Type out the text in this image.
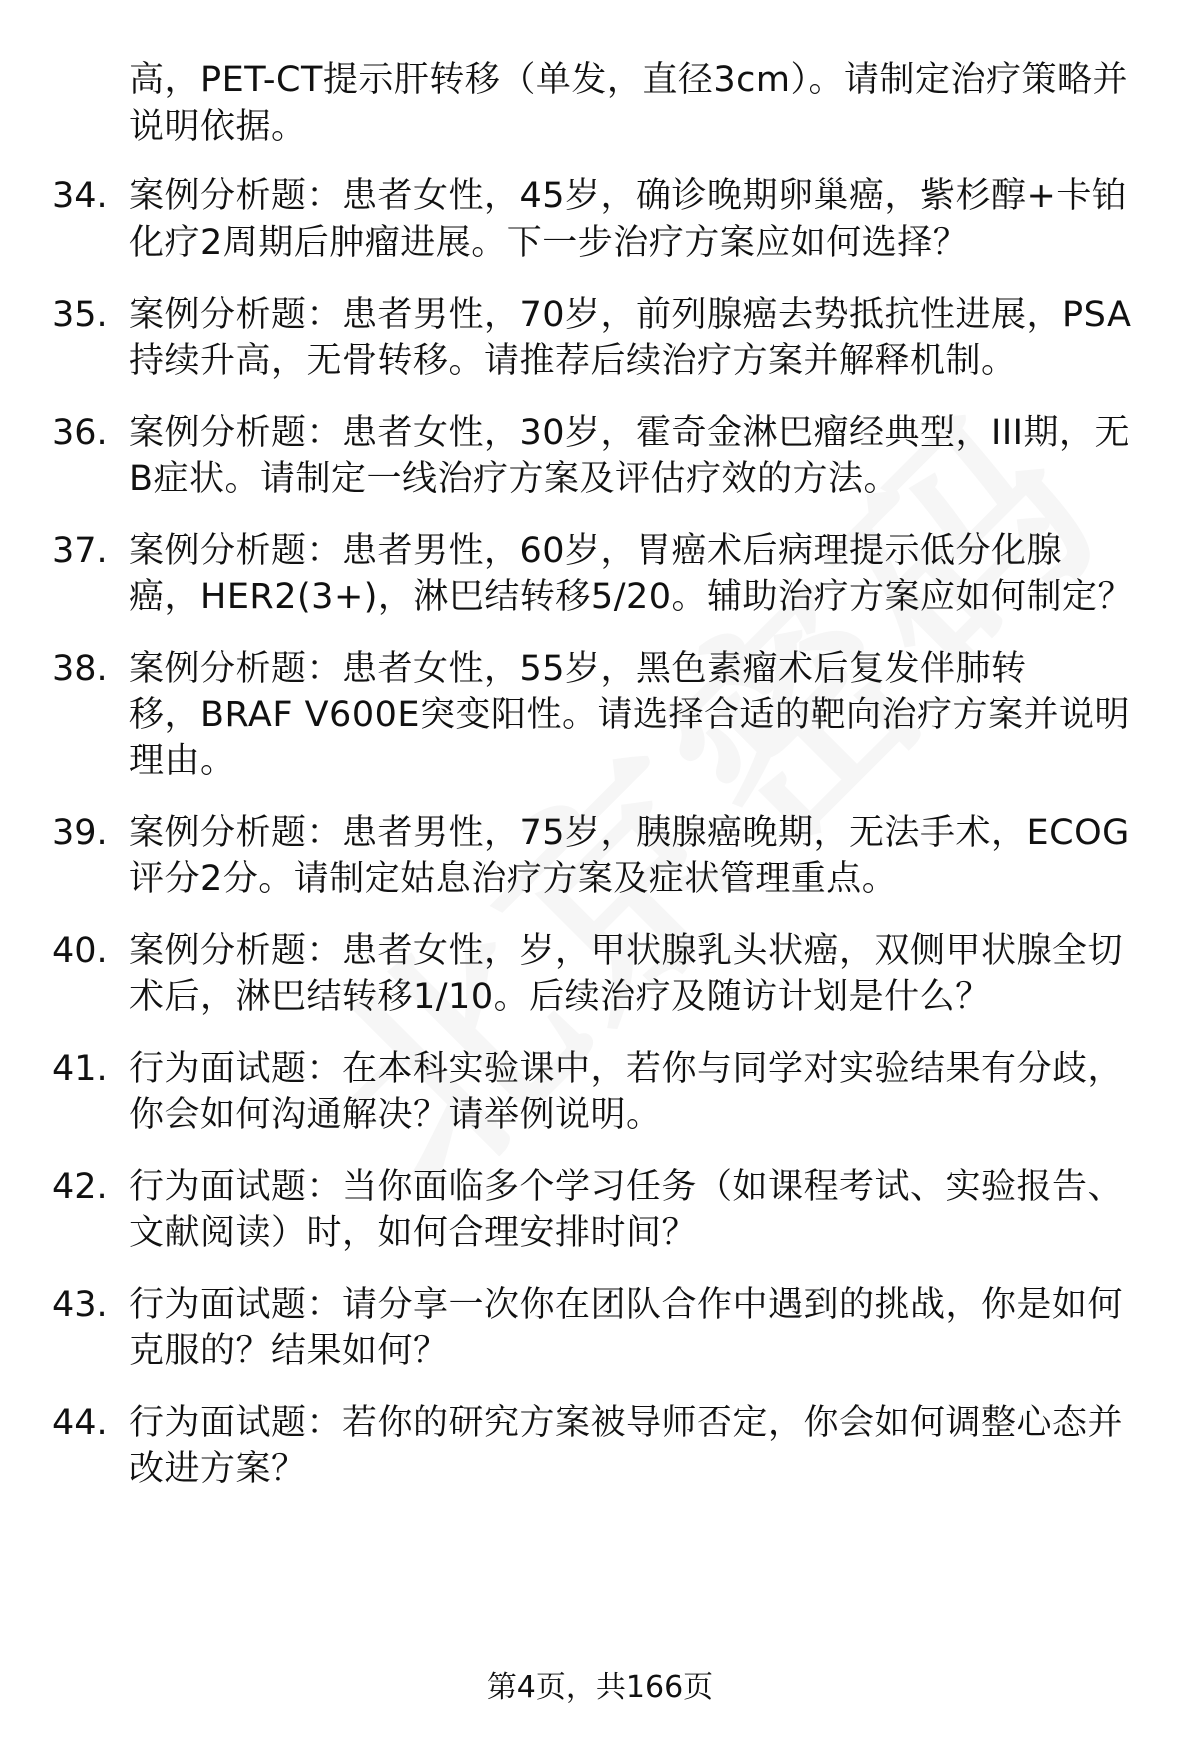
高，PET-CT提示肝转移（单发，直径3cm）。请制定治疗策略并
说明依据。
34. 案例分析题：患者女性，45岁，确诊晚期卵巢癌，紫杉醇+卡铂
化疗2周期后肿瘤进展。下一步治疗方案应如何选择？
35. 案例分析题：患者男性，70岁，前列腺癌去势抵抗性进展，PSA
持续升高，无骨转移。请推荐后续治疗方案并解释机制。
36. 案例分析题：患者女性，30岁，霍奇金淋巴瘤经典型，III期，无
B症状。请制定一线治疗方案及评估疗效的方法。
37. 案例分析题：患者男性，60岁，胃癌术后病理提示低分化腺
癌，HER2(3+)，淋巴结转移5/20。辅助治疗方案应如何制定？
38. 案例分析题：患者女性，55岁，黑色素瘤术后复发伴肺转
移，BRAF V600E突变阳性。请选择合适的靶向治疗方案并说明
理由。
39. 案例分析题：患者男性，75岁，胰腺癌晚期，无法手术，ECOG
评分2分。请制定姑息治疗方案及症状管理重点。
40. 案例分析题：患者女性，岁，甲状腺乳头状癌，双侧甲状腺全切
术后，淋巴结转移1/10。后续治疗及随访计划是什么？
41. 行为面试题：在本科实验课中，若你与同学对实验结果有分歧，
你会如何沟通解决？请举例说明。
42. 行为面试题：当你面临多个学习任务（如课程考试、实验报告、
文献阅读）时，如何合理安排时间？
43. 行为面试题：请分享一次你在团队合作中遇到的挑战，你是如何
克服的？结果如何？
44. 行为面试题：若你的研究方案被导师否定，你会如何调整心态并
改进方案？
第4页，共166页
